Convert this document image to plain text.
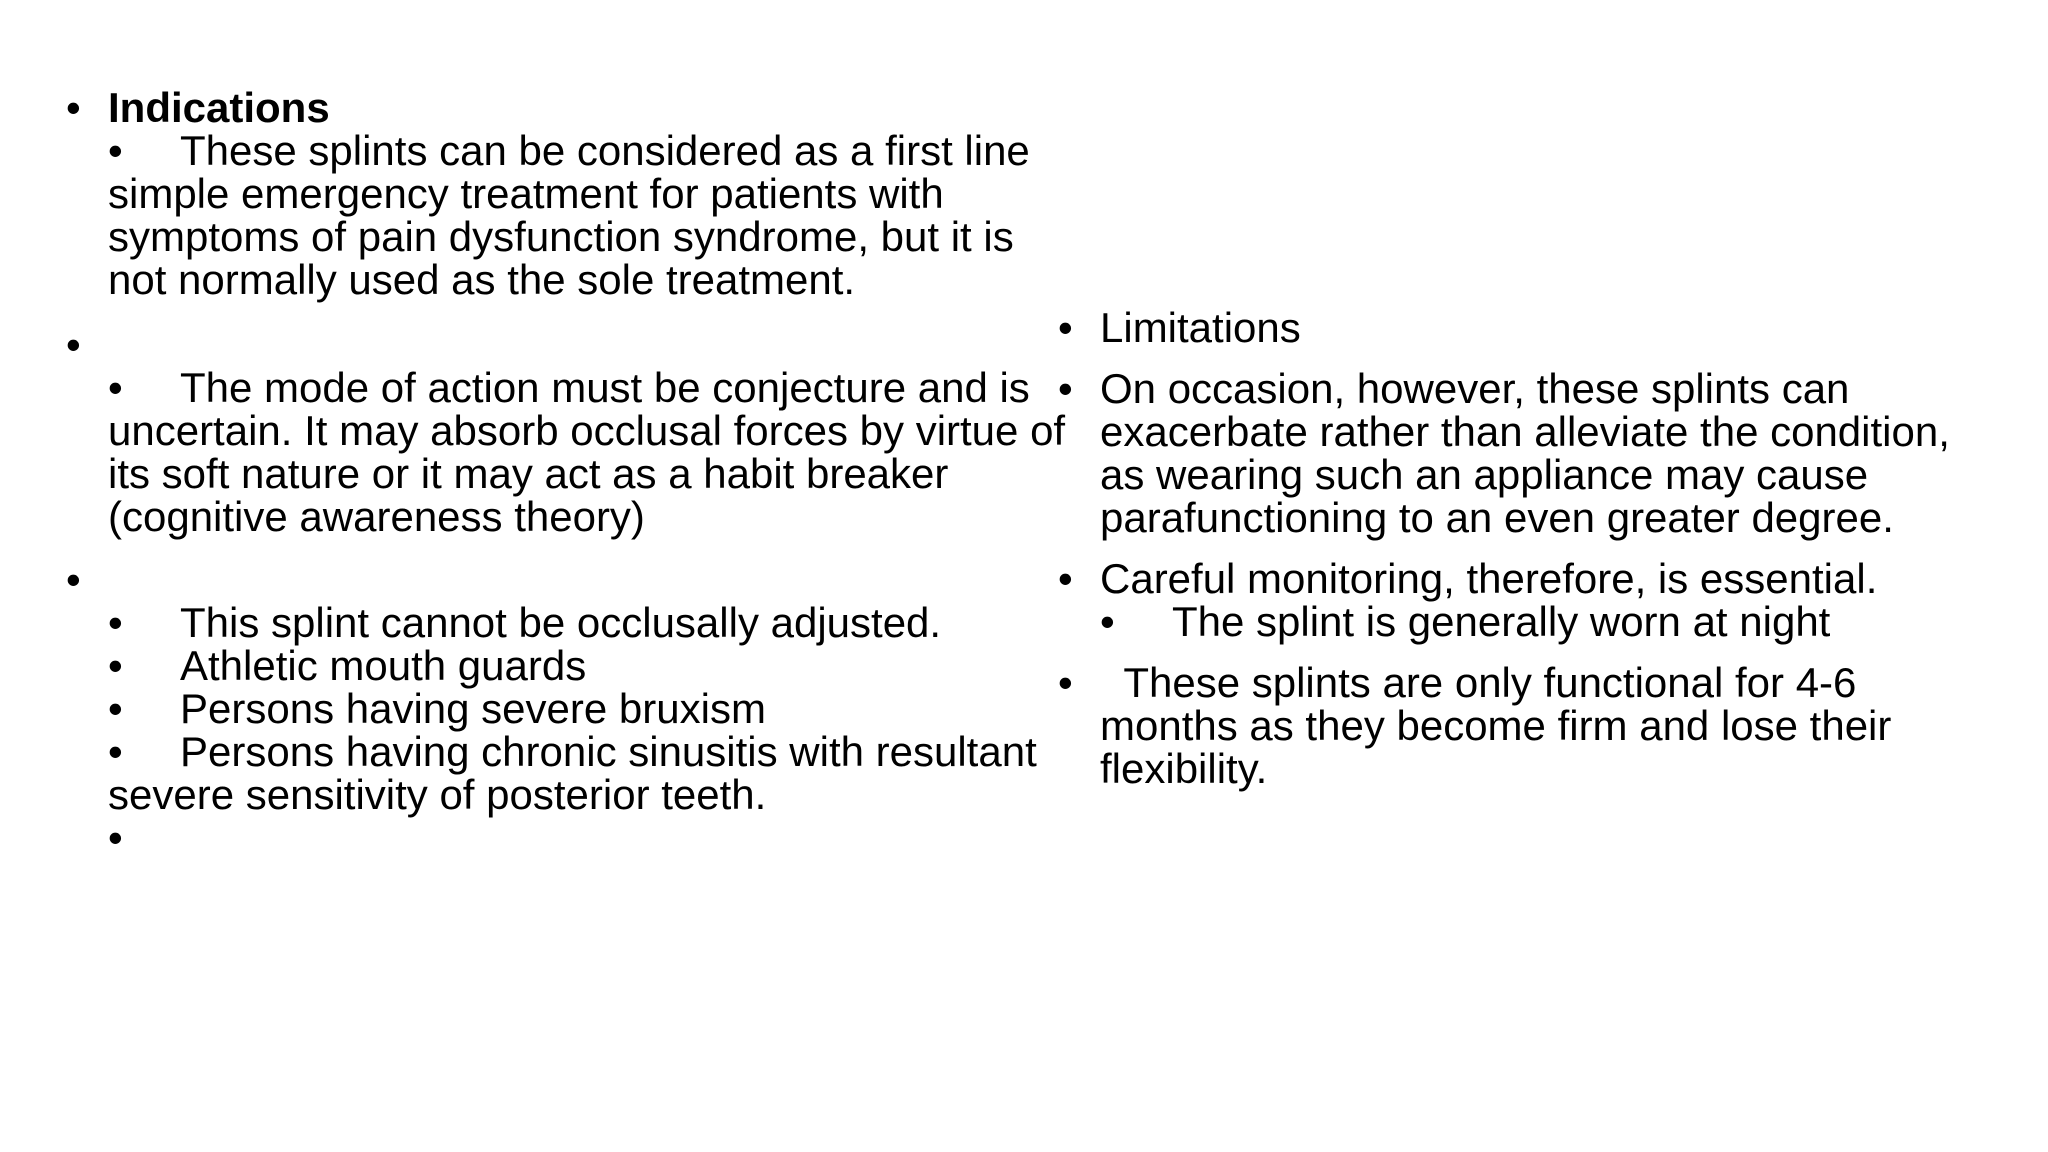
•
Indications
•These splints can be considered as a first line simple emergency treatment for patients with symptoms of pain dysfunction syndrome, but it is not normally used as the sole treatment.
•

•The mode of action must be conjecture and is uncertain. It may absorb occlusal forces by virtue of its soft nature or it may act as a habit breaker (cognitive awareness theory)
•

•This splint cannot be occlusally adjusted.
•Athletic mouth guards
•Persons having severe bruxism
•Persons having chronic sinusitis with resultant severe sensitivity of posterior teeth.
•
•
Limitations
•
On occasion, however, these splints can exacerbate rather than alleviate the condition, as wearing such an appliance may cause parafunctioning to an even greater degree.
•
Careful monitoring, therefore, is essential.
•The splint is generally worn at night
•
These splints are only functional for 4-6 months as they become firm and lose their flexibility.
